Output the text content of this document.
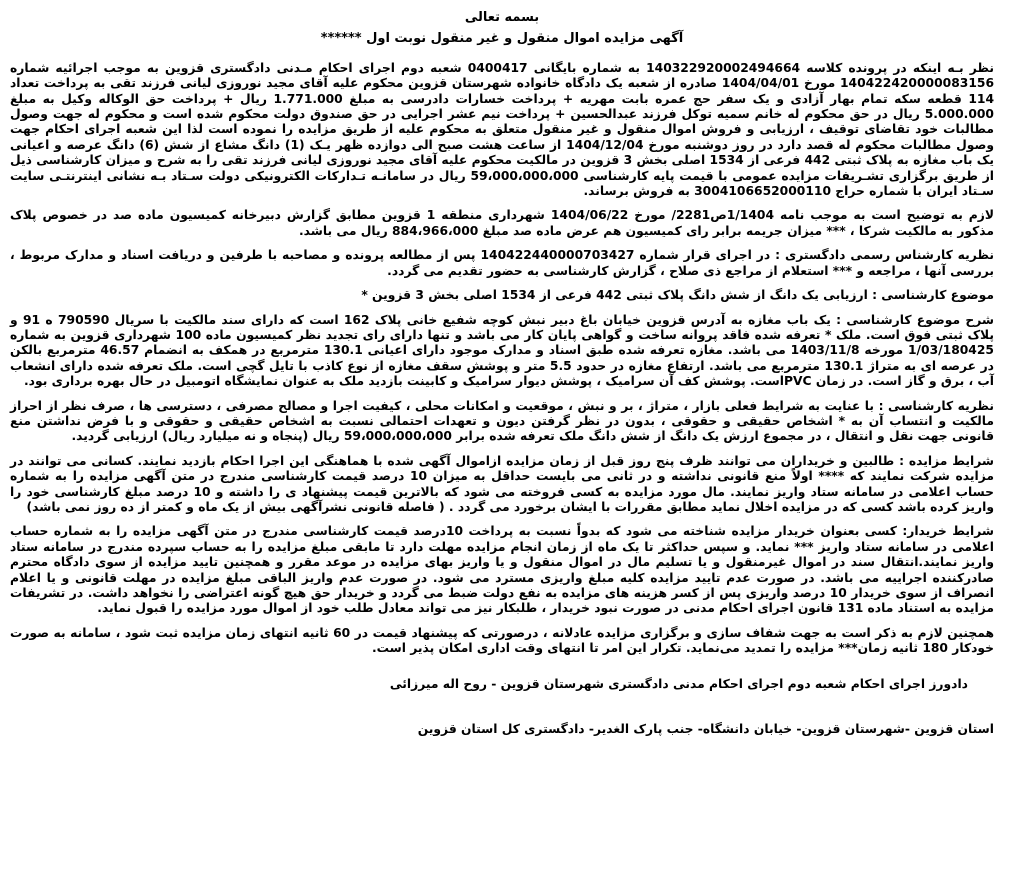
بسمه تعالی
آگهی مزایده اموال منقول و غیر منقول نوبت اول ******

نظر بـه اینکه در پرونده کلاسه 140322920002494664 به شماره بایگانی 0400417 شعبه دوم اجرای احکام مـدنی دادگستری قزوین به موجب اجرائیه شماره 140422420000083156 مورخ 1404/04/01 صادره از شعبه یک دادگاه خانواده شهرستان قزوین محکوم علیه آقای مجید نوروزی لیانی فرزند تقی به پرداخت تعداد 114 قطعه سکه تمام بهار آزادی و یک سفر حج عمره بابت مهریه + پرداخت خسارات دادرسی به مبلغ 1.771.000 ریال + پرداخت حق الوکاله وکیل به مبلغ 5.000.000 ریال در حق محکوم له خانم سمیه توکل فرزند عبدالحسین + پرداخت نیم عشر اجرایی در حق صندوق دولت محکوم شده است و محکوم له جهت وصول مطالبات خود تقاضای توقیف ، ارزیابی و فروش اموال منقول و غیر منقول متعلق به محکوم علیه از طریق مزایده را نموده است لذا این شعبه اجرای احکام جهت وصول مطالبات محکوم له قصد دارد در روز دوشنبه مورخ 1404/12/04 از ساعت هشت صبح الی دوازده ظهر یـک (1) دانگ مشاع از شش (6) دانگ عرصه و اعیانی یک باب مغازه به پلاک ثبتی 442 فرعی از 1534 اصلی بخش 3 قزوین در مالکیت محکوم علیه آقای مجید نوروزی لیانی فرزند تقی را به شرح و میزان کارشناسی ذیل از طریق برگزاری تشـریفات مزایده عمومی با قیمت پایه کارشناسی 59،000،000،000 ریال در سامانـه تـدارکات الکترونیکی دولت سـتاد بـه نشانی اینترنتـی سایت سـتاد ایران با شماره حراج 3004106652000110 به فروش برساند.

لازم به توضیح است به موجب نامه 1/1404ص2281/ مورخ 1404/06/22 شهرداری منطقه 1 قزوین مطابق گزارش دبیرخانه کمیسیون ماده صد در خصوص پلاک مذکور به مالکیت شرکا ، *** میزان جریمه برابر رای کمیسیون هم عرض ماده صد مبلغ 884،966،000 ریال می باشد.

نظریه کارشناس رسمی دادگستری : در اجرای قرار شماره 140422440000703427 پس از مطالعه پرونده و مصاحبه با طرفین و دریافت اسناد و مدارک مربوط ، بررسی آنها ، مراجعه و *** استعلام از مراجع ذی صلاح ، گزارش کارشناسی به حضور تقدیم می گردد.

موضوع کارشناسی : ارزیابی یک دانگ از شش دانگ پلاک ثبتی 442 فرعی از 1534 اصلی بخش 3 قزوین *

شرح موضوع کارشناسی : یک باب مغازه به آدرس قزوین خیابان باغ دبیر نبش کوچه شفیع خانی پلاک 162 است که دارای سند مالکیت با سریال 790590 ه 91 و پلاک ثبتی فوق است. ملک * تعرفه شده فاقد پروانه ساخت و گواهی پایان کار می باشد و تنها دارای رای تجدید نظر کمیسیون ماده 100 شهرداری قزوین به شماره 1/03/180425 مورخه 1403/11/8 می باشد. مغازه تعرفه شده طبق اسناد و مدارک موجود دارای اعیانی 130.1 مترمربع در همکف به انضمام 46.57 مترمربع بالکن در عرصه ای به متراژ 130.1 مترمربع می باشد. ارتفاع مغازه در حدود 5.5 متر و پوشش سقف مغازه از نوع کاذب با تایل گچی است. ملک تعرفه شده دارای انشعاب آب ، برق و گاز است. در زمان PVCاست. پوشش کف آن سرامیک ، پوشش دیوار سرامیک و کابینت بازدید ملک به عنوان نمایشگاه اتومبیل در حال بهره برداری بود.

نظریه کارشناسی : با عنایت به شرایط فعلی بازار ، متراژ ، بر و نبش ، موقعیت و امکانات محلی ، کیفیت اجرا و مصالح مصرفی ، دسترسی ها ، صرف نظر از احراز مالکیت و انتساب آن به * اشخاص حقیقی و حقوقی ، بدون در نظر گرفتن دیون و تعهدات احتمالی نسبت به اشخاص حقیقی و حقوقی و با فرض نداشتن منع قانونی جهت نقل و انتقال ، در مجموع ارزش یک دانگ از شش دانگ ملک تعرفه شده برابر 59،000،000،000 ریال (پنجاه و نه میلیارد ریال) ارزیابی گردید.

شرایط مزایده : طالبین و خریداران می توانند ظرف پنج روز قبل از زمان مزایده ازاموال آگهی شده با هماهنگی این اجرا احکام بازدید نمایند. کسانی می توانند در مزایده شرکت نمایند که **** اولاً منع قانونی نداشته و در ثانی می بایست حداقل به میزان 10 درصد قیمت کارشناسی مندرج در متن آگهی مزایده را به شماره حساب اعلامی در سامانه ستاد واریز نمایند. مال مورد مزایده به کسی فروخته می شود که بالاترین قیمت پیشنهاد ی را داشته و 10 درصد مبلغ کارشناسی خود را واریز کرده باشد کسی که در مزایده اخلال نماید مطابق مقررات با ایشان برخورد می گردد . ( فاصله قانونی نشرآگهی بیش از یک ماه و کمتر از ده روز نمی باشد)

شرایط خریدار: کسی بعنوان خریدار مزایده شناخته می شود که بدواً نسبت به پرداخت 10درصد قیمت کارشناسی مندرج در متن آگهی مزایده را به شماره حساب اعلامی در سامانه ستاد واریز *** نماید. و سپس حداکثر تا یک ماه از زمان انجام مزایده مهلت دارد تا مابقی مبلغ مزایده را به حساب سپرده مندرج در سامانه ستاد واریز نمایند.انتقال سند در اموال غیرمنقول و یا تسلیم مال در اموال منقول و یا واریز بهای مزایده در موعد مقرر و همچنین تایید مزایده از سوی دادگاه محترم صادرکننده اجراییه می باشد. در صورت عدم تایید مزایده کلیه مبلغ واریزی مسترد می شود. در صورت عدم واریز الباقی مبلغ مزایده در مهلت قانونی و یا اعلام انصراف از سوی خریدار 10 درصد واریزی پس از کسر هزینه های مزایده به نفع دولت ضبط می گردد و خریدار حق هیچ گونه اعتراضی را نخواهد داشت. در تشریفات مزایده به استناد ماده 131 قانون اجرای احکام مدنی در صورت نبود خریدار ، طلبکار نیز می تواند معادل طلب خود از اموال مورد مزایده را قبول نماید.

همچنین لازم به ذکر است به جهت شفاف سازی و برگزاری مزایده عادلانه ، درصورتی که پیشنهاد قیمت در 60 ثانیه انتهای زمان مزایده ثبت شود ، سامانه به صورت خودکار 180 ثانیه زمان*** مزایده را تمدید می‌نماید. تکرار این امر تا انتهای وقت اداری امکان پذیر است.

دادورز اجرای احکام شعبه دوم اجرای احکام مدنی دادگستری شهرستان قزوین - روح اله میرزائی
استان قزوین -شهرستان قزوین- خیابان دانشگاه- جنب پارک الغدیر- دادگستری کل استان قزوین
